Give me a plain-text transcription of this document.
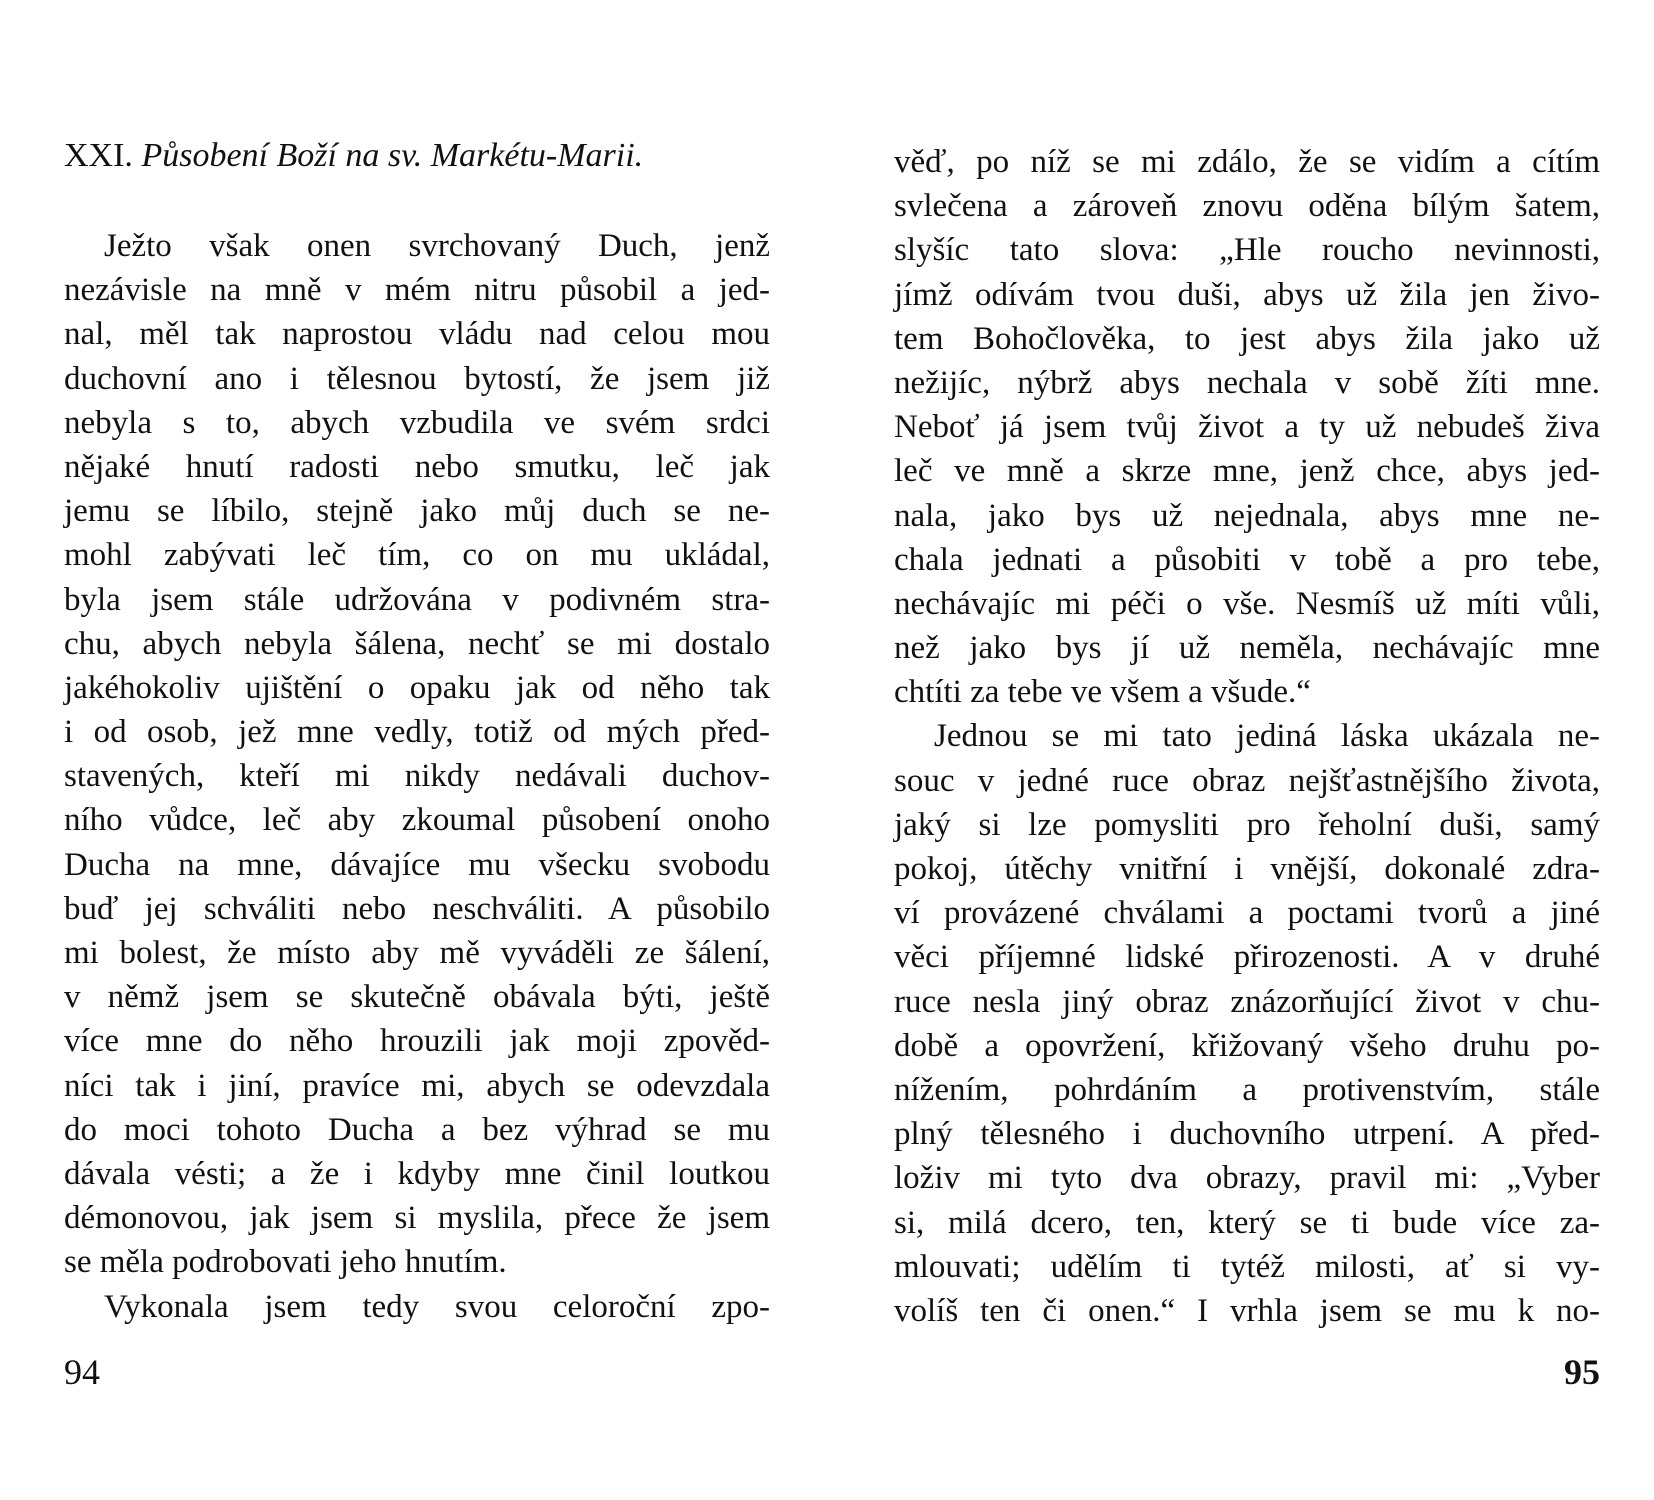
XXI. Působení Boží na sv. Markétu-Marii.
Ježto však onen svrchovaný Duch, jenž
nezávisle na mně v mém nitru působil a jed-
nal, měl tak naprostou vládu nad celou mou
duchovní ano i tělesnou bytostí, že jsem již
nebyla s to, abych vzbudila ve svém srdci
nějaké hnutí radosti nebo smutku, leč jak
jemu se líbilo, stejně jako můj duch se ne-
mohl zabývati leč tím, co on mu ukládal,
byla jsem stále udržována v podivném stra-
chu, abych nebyla šálena, nechť se mi dostalo
jakéhokoliv ujištění o opaku jak od něho tak
i od osob, jež mne vedly, totiž od mých před-
stavených, kteří mi nikdy nedávali duchov-
ního vůdce, leč aby zkoumal působení onoho
Ducha na mne, dávajíce mu všecku svobodu
buď jej schváliti nebo neschváliti. A působilo
mi bolest, že místo aby mě vyváděli ze šálení,
v němž jsem se skutečně obávala býti, ještě
více mne do něho hrouzili jak moji zpověd-
níci tak i jiní, pravíce mi, abych se odevzdala
do moci tohoto Ducha a bez výhrad se mu
dávala vésti; a že i kdyby mne činil loutkou
démonovou, jak jsem si myslila, přece že jsem
se měla podrobovati jeho hnutím.
Vykonala jsem tedy svou celoroční zpo-
94
věď, po níž se mi zdálo, že se vidím a cítím
svlečena a zároveň znovu oděna bílým šatem,
slyšíc tato slova: „Hle roucho nevinnosti,
jímž odívám tvou duši, abys už žila jen živo-
tem Bohočlověka, to jest abys žila jako už
nežijíc, nýbrž abys nechala v sobě žíti mne.
Neboť já jsem tvůj život a ty už nebudeš živa
leč ve mně a skrze mne, jenž chce, abys jed-
nala, jako bys už nejednala, abys mne ne-
chala jednati a působiti v tobě a pro tebe,
nechávajíc mi péči o vše. Nesmíš už míti vůli,
než jako bys jí už neměla, nechávajíc mne
chtíti za tebe ve všem a všude.“
Jednou se mi tato jediná láska ukázala ne-
souc v jedné ruce obraz nejšťastnějšího života,
jaký si lze pomysliti pro řeholní duši, samý
pokoj, útěchy vnitřní i vnější, dokonalé zdra-
ví provázené chválami a poctami tvorů a jiné
věci příjemné lidské přirozenosti. A v druhé
ruce nesla jiný obraz znázorňující život v chu-
době a opovržení, křižovaný všeho druhu po-
nížením, pohrdáním a protivenstvím, stále
plný tělesného i duchovního utrpení. A před-
loživ mi tyto dva obrazy, pravil mi: „Vyber
si, milá dcero, ten, který se ti bude více za-
mlouvati; udělím ti tytéž milosti, ať si vy-
volíš ten či onen.“ I vrhla jsem se mu k no-
95
